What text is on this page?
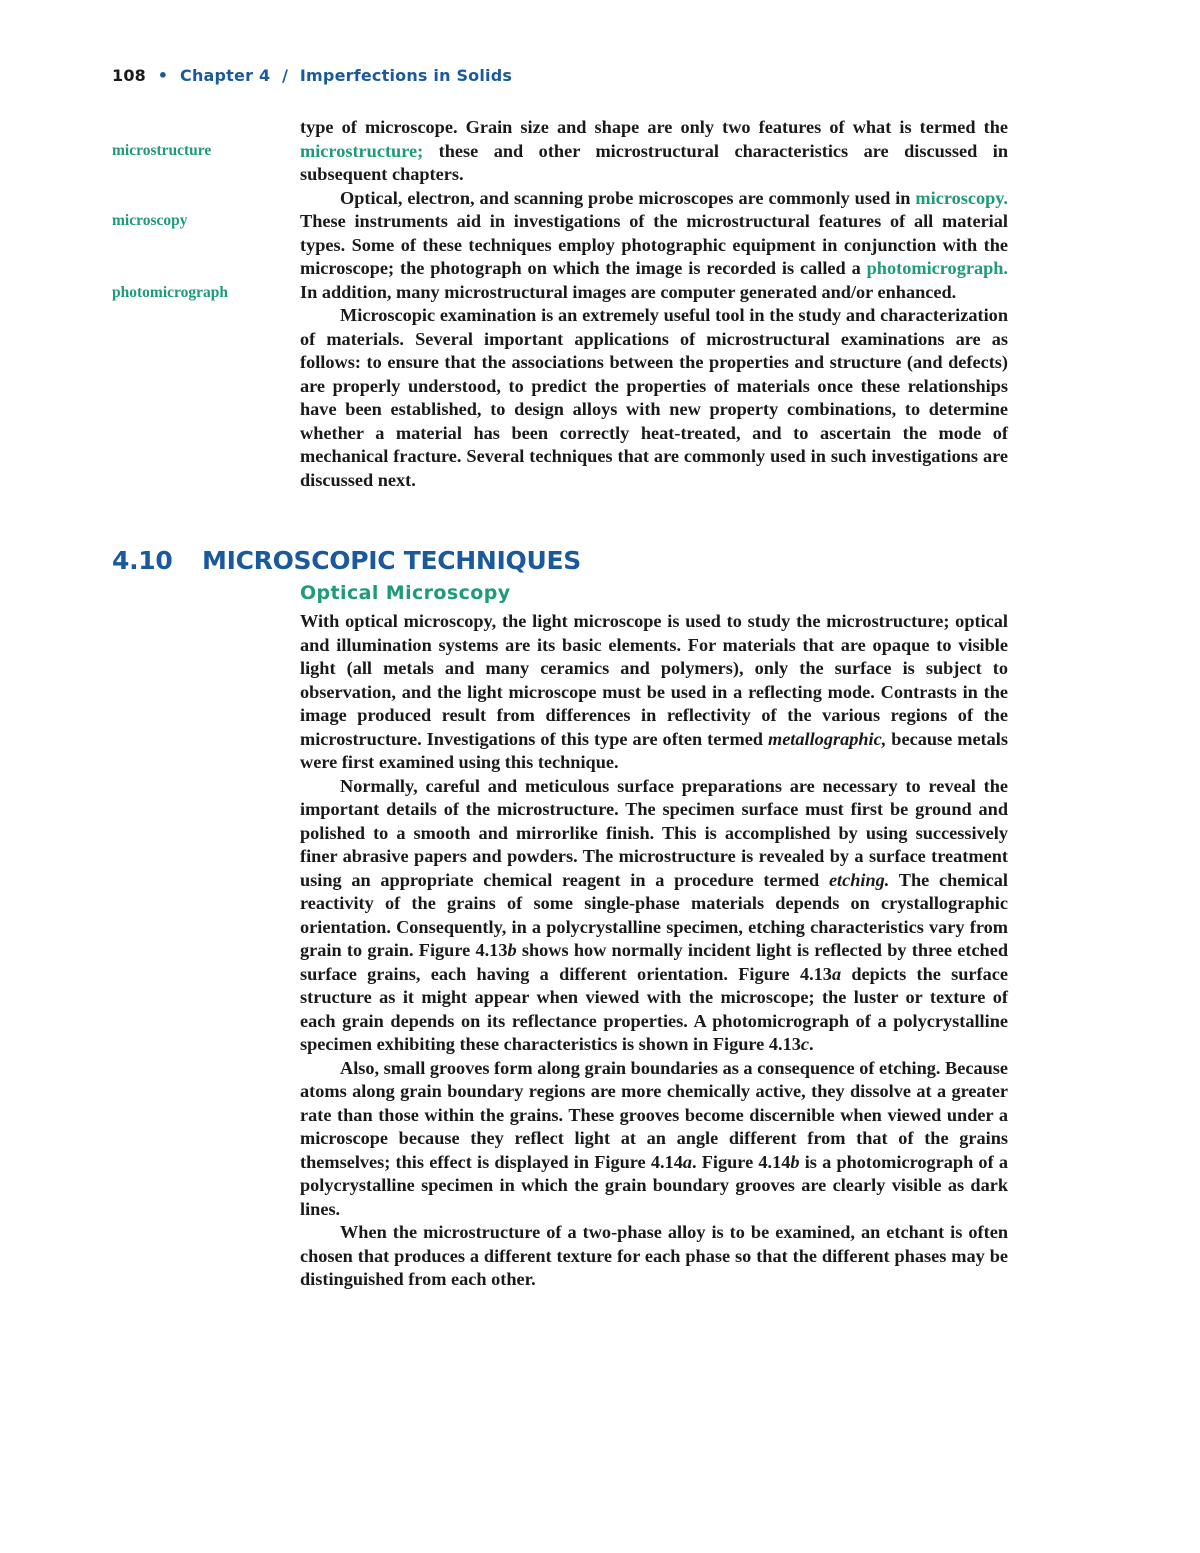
108 • Chapter 4 / Imperfections in Solids
microstructure
microscopy
photomicrograph

type of microscope. Grain size and shape are only two features of what is termed the microstructure; these and other microstructural characteristics are discussed in subsequent chapters.

Optical, electron, and scanning probe microscopes are commonly used in microscopy. These instruments aid in investigations of the microstructural features of all material types. Some of these techniques employ photographic equipment in conjunction with the microscope; the photograph on which the image is recorded is called a photomicrograph. In addition, many microstructural images are computer generated and/or enhanced.

Microscopic examination is an extremely useful tool in the study and characterization of materials. Several important applications of microstructural examinations are as follows: to ensure that the associations between the properties and structure (and defects) are properly understood, to predict the properties of materials once these relationships have been established, to design alloys with new property combinations, to determine whether a material has been correctly heat-treated, and to ascertain the mode of mechanical fracture. Several techniques that are commonly used in such investigations are discussed next.

4.10 MICROSCOPIC TECHNIQUES
Optical Microscopy

With optical microscopy, the light microscope is used to study the microstructure; optical and illumination systems are its basic elements. For materials that are opaque to visible light (all metals and many ceramics and polymers), only the surface is subject to observation, and the light microscope must be used in a reflecting mode. Contrasts in the image produced result from differences in reflectivity of the various regions of the microstructure. Investigations of this type are often termed metallographic, because metals were first examined using this technique.

Normally, careful and meticulous surface preparations are necessary to reveal the important details of the microstructure. The specimen surface must first be ground and polished to a smooth and mirrorlike finish. This is accomplished by using successively finer abrasive papers and powders. The microstructure is revealed by a surface treatment using an appropriate chemical reagent in a procedure termed etching. The chemical reactivity of the grains of some single-phase materials depends on crystallographic orientation. Consequently, in a polycrystalline specimen, etching characteristics vary from grain to grain. Figure 4.13b shows how normally incident light is reflected by three etched surface grains, each having a different orientation. Figure 4.13a depicts the surface structure as it might appear when viewed with the microscope; the luster or texture of each grain depends on its reflectance properties. A photomicrograph of a polycrystalline specimen exhibiting these characteristics is shown in Figure 4.13c.

Also, small grooves form along grain boundaries as a consequence of etching. Because atoms along grain boundary regions are more chemically active, they dissolve at a greater rate than those within the grains. These grooves become discernible when viewed under a microscope because they reflect light at an angle different from that of the grains themselves; this effect is displayed in Figure 4.14a. Figure 4.14b is a photomicrograph of a polycrystalline specimen in which the grain boundary grooves are clearly visible as dark lines.

When the microstructure of a two-phase alloy is to be examined, an etchant is often chosen that produces a different texture for each phase so that the different phases may be distinguished from each other.
